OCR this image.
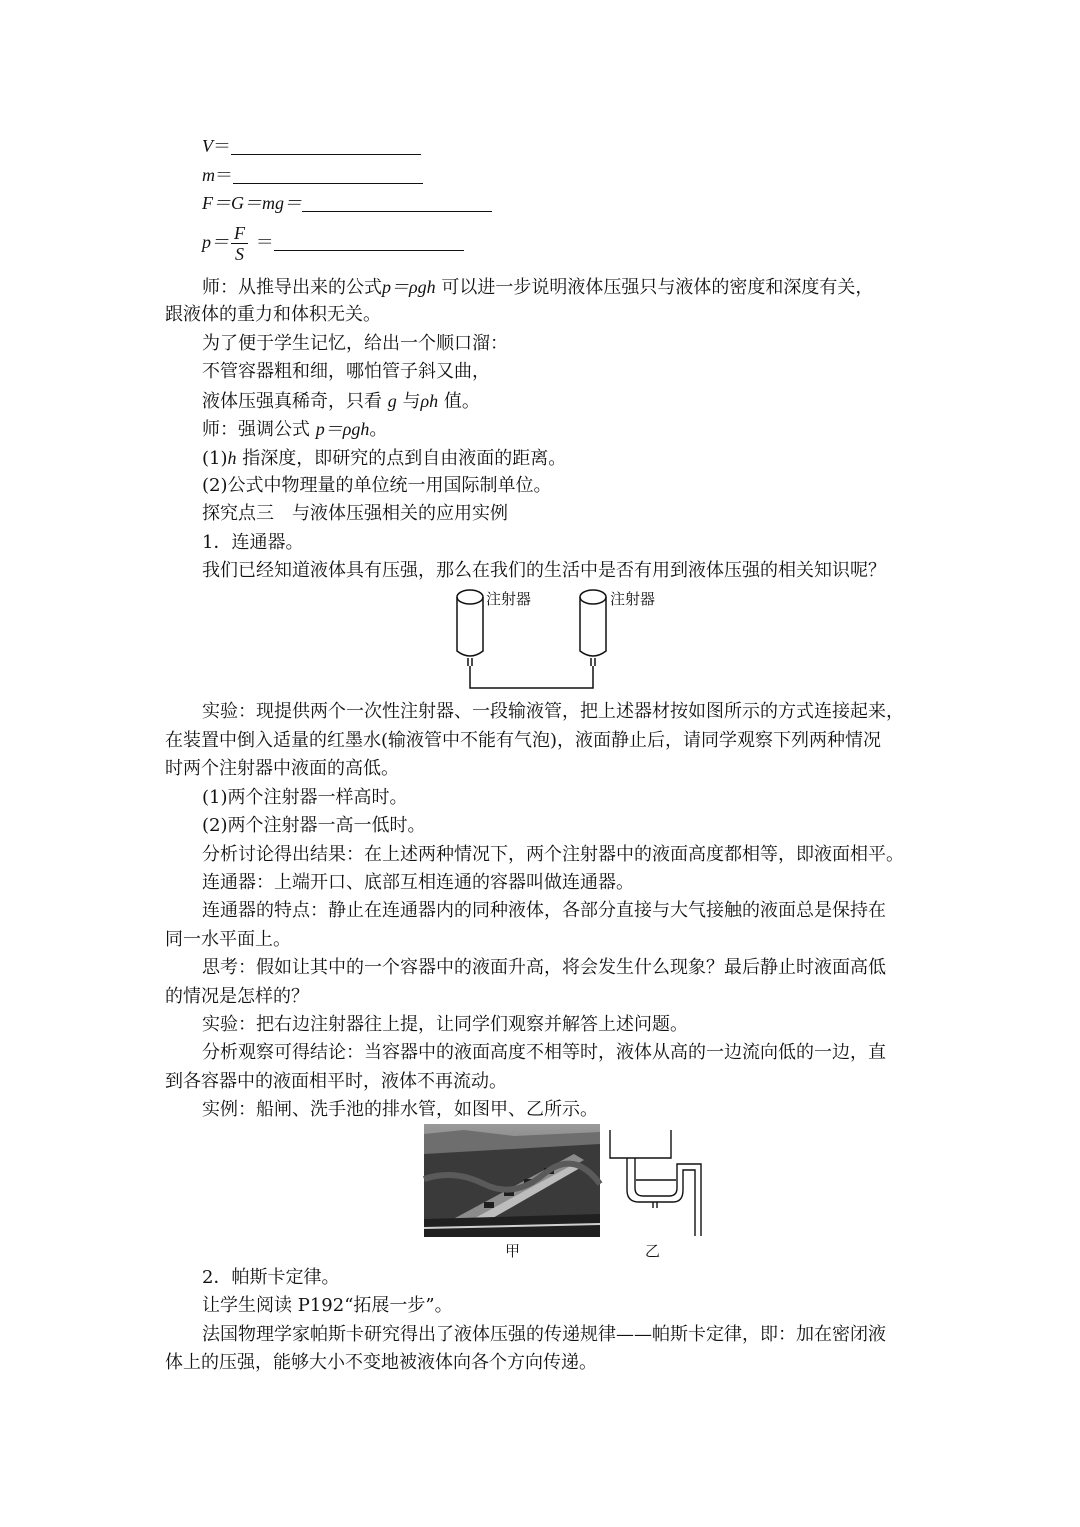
V＝
m＝
F＝G＝mg＝
$p= \frac{F}{S}$ ＝
师：从推导出来的公式p＝ρgh 可以进一步说明液体压强只与液体的密度和深度有关，
跟液体的重力和体积无关。
为了便于学生记忆，给出一个顺口溜：
不管容器粗和细，哪怕管子斜又曲，
液体压强真稀奇，只看 g 与ρh 值。
师：强调公式 p＝ρgh。
(1)h 指深度，即研究的点到自由液面的距离。
(2)公式中物理量的单位统一用国际制单位。
探究点三　与液体压强相关的应用实例
1．连通器。
我们已经知道液体具有压强，那么在我们的生活中是否有用到液体压强的相关知识呢？
注射器	注射器
实验：现提供两个一次性注射器、一段输液管，把上述器材按如图所示的方式连接起来，
在装置中倒入适量的红墨水(输液管中不能有气泡)，液面静止后，请同学观察下列两种情况
时两个注射器中液面的高低。
(1)两个注射器一样高时。
(2)两个注射器一高一低时。
分析讨论得出结果：在上述两种情况下，两个注射器中的液面高度都相等，即液面相平。
连通器：上端开口、底部互相连通的容器叫做连通器。
连通器的特点：静止在连通器内的同种液体，各部分直接与大气接触的液面总是保持在
同一水平面上。
思考：假如让其中的一个容器中的液面升高，将会发生什么现象？最后静止时液面高低
的情况是怎样的？
实验：把右边注射器往上提，让同学们观察并解答上述问题。
分析观察可得结论：当容器中的液面高度不相等时，液体从高的一边流向低的一边，直
到各容器中的液面相平时，液体不再流动。
实例：船闸、洗手池的排水管，如图甲、乙所示。
甲	乙
2．帕斯卡定律。
让学生阅读 P192“拓展一步”。
法国物理学家帕斯卡研究得出了液体压强的传递规律——帕斯卡定律，即：加在密闭液
体上的压强，能够大小不变地被液体向各个方向传递。
